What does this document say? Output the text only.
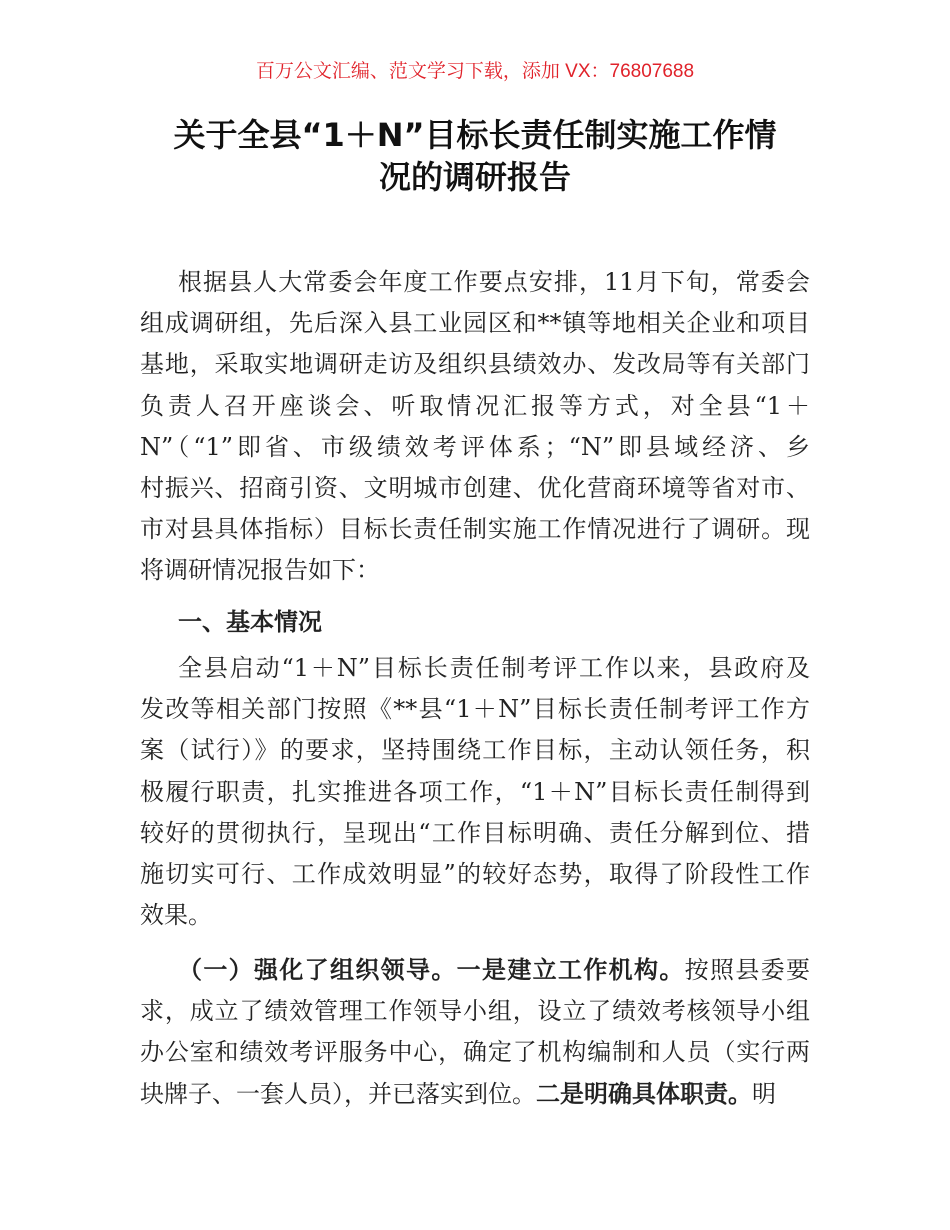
百万公文汇编、范文学习下载，添加 VX：76807688
关于全县“1＋N”目标长责任制实施工作情
况的调研报告
根据县人大常委会年度工作要点安排，11月下旬，常委会
组成调研组，先后深入县工业园区和**镇等地相关企业和项目
基地，采取实地调研走访及组织县绩效办、发改局等有关部门
负责人召开座谈会、听取情况汇报等方式，对全县“1＋
N”（“1”即省、市级绩效考评体系；“N”即县域经济、乡
村振兴、招商引资、文明城市创建、优化营商环境等省对市、
市对县具体指标）目标长责任制实施工作情况进行了调研。现
将调研情况报告如下：
一、基本情况
全县启动“1＋N”目标长责任制考评工作以来，县政府及
发改等相关部门按照《**县“1＋N”目标长责任制考评工作方
案（试行）》的要求，坚持围绕工作目标，主动认领任务，积
极履行职责，扎实推进各项工作，“1＋N”目标长责任制得到
较好的贯彻执行，呈现出“工作目标明确、责任分解到位、措
施切实可行、工作成效明显”的较好态势，取得了阶段性工作
效果。
（一）强化了组织领导。一是建立工作机构。按照县委要
求，成立了绩效管理工作领导小组，设立了绩效考核领导小组
办公室和绩效考评服务中心，确定了机构编制和人员（实行两
块牌子、一套人员），并已落实到位。二是明确具体职责。明
